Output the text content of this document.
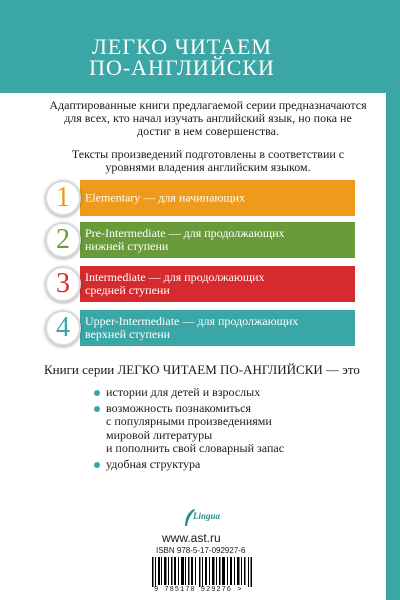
ЛЕГКО ЧИТАЕМ
ПО-АНГЛИЙСКИ

Адаптированные книги предлагаемой серии предназначаются для всех, кто начал изучать английский язык, но пока не достиг в нем совершенства.

Тексты произведений подготовлены в соответствии с уровнями владения английским языком.

Elementary — для начинающих
1
Pre-Intermediate — для продолжающих
нижней ступени
2
Intermediate — для продолжающих
средней ступени
3
Upper-Intermediate — для продолжающих
верхней ступени
4
Книги серии ЛЕГКО ЧИТАЕМ ПО-АНГЛИЙСКИ — это
истории для детей и взрослых
возможность познакомиться
с популярными произведениями
мировой литературы
и пополнить свой словарный запас
удобная структура
Lingua
www.ast.ru
ISBN 978-5-17-092927-6
9 785170 929276 >
